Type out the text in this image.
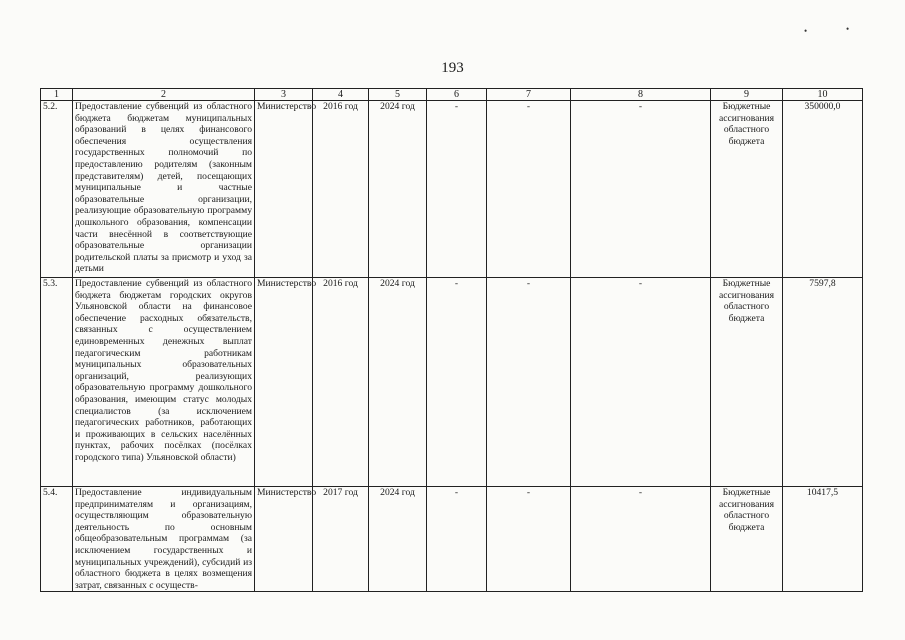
193
•	•
1	2	3	4	5	6	7	8	9	10
5.2.	Предоставление субвенций из областного бюджета бюджетам муниципальных образований в целях финансового обеспечения осуществления государственных полномочий по предоставлению родителям (законным представителям) детей, посещающих муниципальные и частные образовательные организации, реализующие образовательную программу дошкольного образования, компенсации части внесённой в соответствующие образовательные организации родительской платы за присмотр и уход за детьми	Министерство	2016 год	2024 год	-	-	-	Бюджетные ассигнования областного бюджета	350000,0
5.3.	Предоставление субвенций из областного бюджета бюджетам городских округов Ульяновской области на финансовое обеспечение расходных обязательств, связанных с осуществлением единовременных денежных выплат педагогическим работникам муниципальных образовательных организаций, реализующих образовательную программу дошкольного образования, имеющим статус молодых специалистов (за исключением педагогических работников, работающих и проживающих в сельских населённых пунктах, рабочих посёлках (посёлках городского типа) Ульяновской области)	Министерство	2016 год	2024 год	-	-	-	Бюджетные ассигнования областного бюджета	7597,8
5.4.	Предоставление индивидуальным предпринимателям и организациям, осуществляющим образовательную деятельность по основным общеобразовательным программам (за исключением государственных и муниципальных учреждений), субсидий из областного бюджета в целях возмещения затрат, связанных с осуществ-	Министерство	2017 год	2024 год	-	-	-	Бюджетные ассигнования областного бюджета	10417,5
